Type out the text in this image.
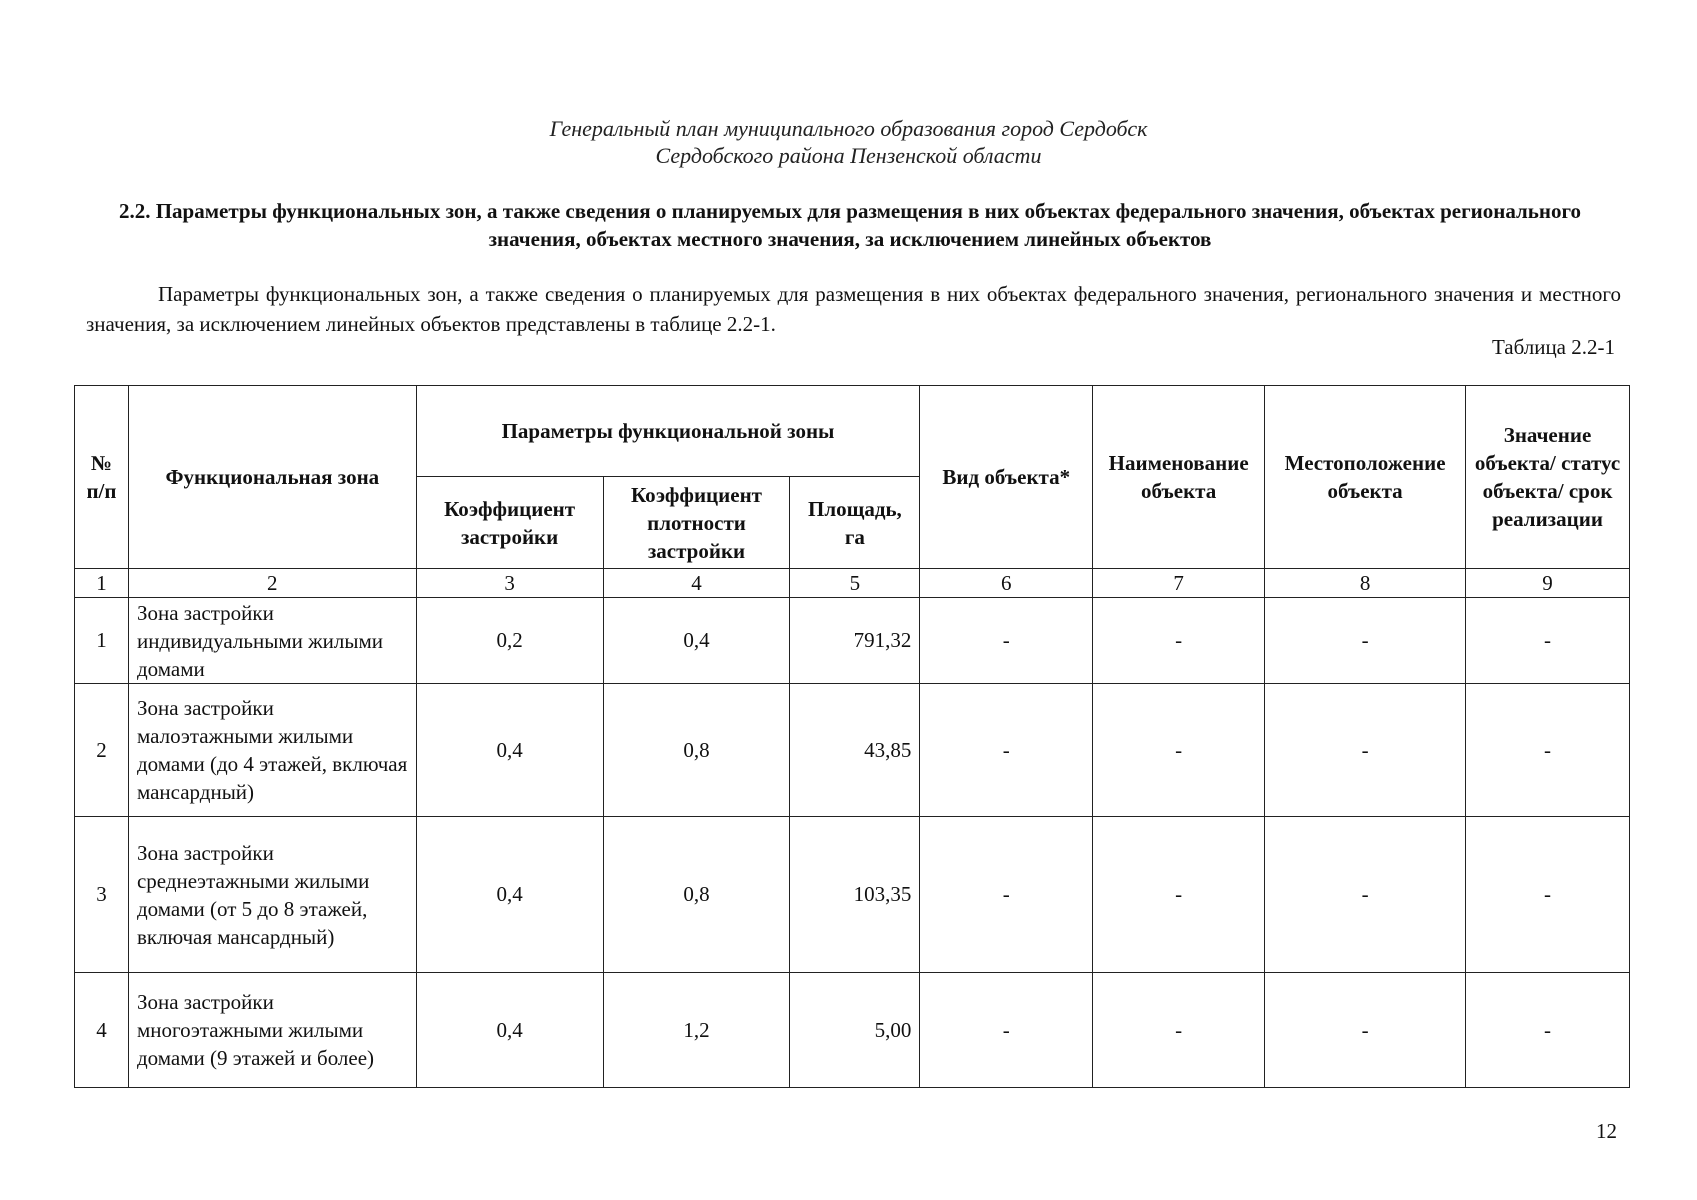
Генеральный план муниципального образования город Сердобск
Сердобского района Пензенской области
2.2. Параметры функциональных зон, а также сведения о планируемых для размещения в них объектах федерального значения, объектах регионального значения, объектах местного значения, за исключением линейных объектов
Параметры функциональных зон, а также сведения о планируемых для размещения в них объектах федерального значения, регионального значения и местного значения, за исключением линейных объектов представлены в таблице 2.2-1.
Таблица 2.2-1
№ п/п	Функциональная зона	Параметры функциональной зоны			Вид объекта*	Наименование объекта	Местоположение объекта	Значение объекта/ статус объекта/ срок реализации
		Коэффициент застройки	Коэффициент плотности застройки	Площадь, га				
1	2	3	4	5	6	7	8	9
1	Зона застройки индивидуальными жилыми домами	0,2	0,4	791,32	-	-	-	-
2	Зона застройки малоэтажными жилыми домами (до 4 этажей, включая мансардный)	0,4	0,8	43,85	-	-	-	-
3	Зона застройки среднеэтажными жилыми домами (от 5 до 8 этажей, включая мансардный)	0,4	0,8	103,35	-	-	-	-
4	Зона застройки многоэтажными жилыми домами (9 этажей и более)	0,4	1,2	5,00	-	-	-	-
12
